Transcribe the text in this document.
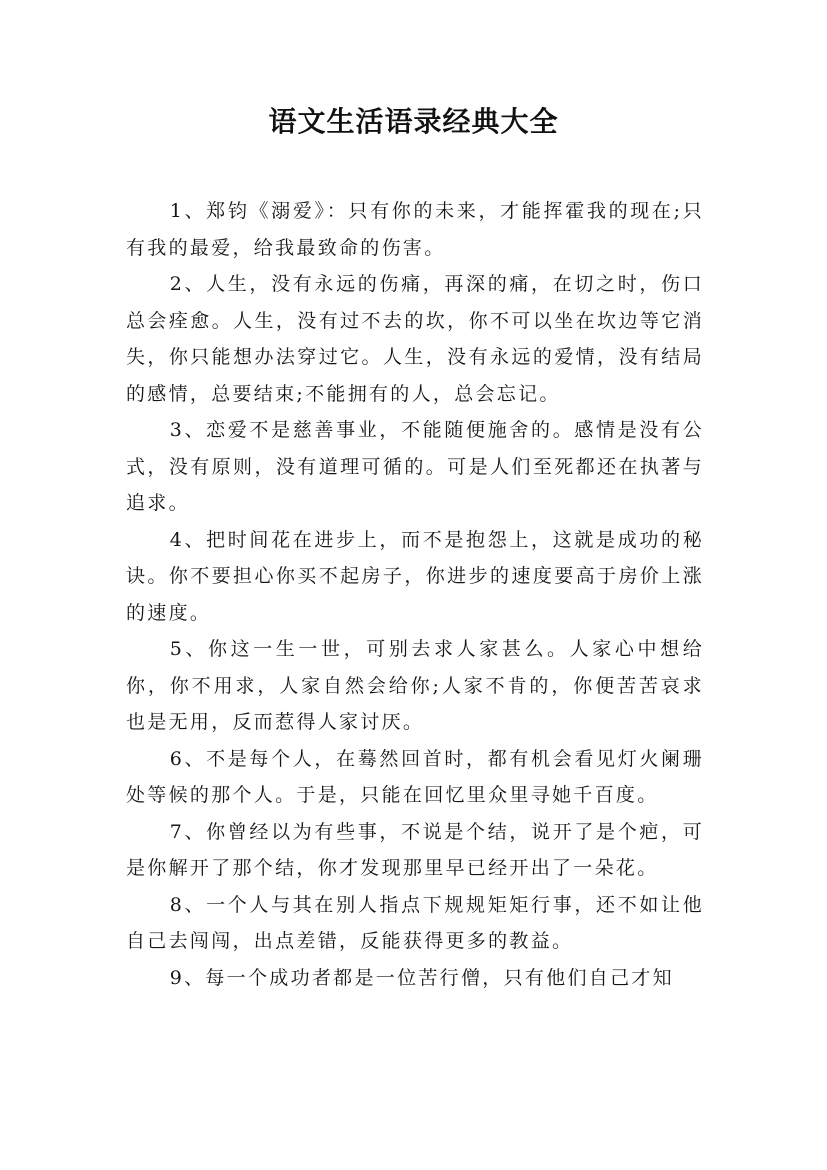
语文生活语录经典大全

1、郑钧《溺爱》：只有你的未来，才能挥霍我的现在;只有我的最爱，给我最致命的伤害。

2、人生，没有永远的伤痛，再深的痛，在切之时，伤口总会痊愈。人生，没有过不去的坎，你不可以坐在坎边等它消失，你只能想办法穿过它。人生，没有永远的爱情，没有结局的感情，总要结束;不能拥有的人，总会忘记。

3、恋爱不是慈善事业，不能随便施舍的。感情是没有公式，没有原则，没有道理可循的。可是人们至死都还在执著与追求。

4、把时间花在进步上，而不是抱怨上，这就是成功的秘诀。你不要担心你买不起房子，你进步的速度要高于房价上涨的速度。

5、你这一生一世，可别去求人家甚么。人家心中想给你，你不用求，人家自然会给你;人家不肯的，你便苦苦哀求也是无用，反而惹得人家讨厌。

6、不是每个人，在蓦然回首时，都有机会看见灯火阑珊处等候的那个人。于是，只能在回忆里众里寻她千百度。

7、你曾经以为有些事，不说是个结，说开了是个疤，可是你解开了那个结，你才发现那里早已经开出了一朵花。

8、一个人与其在别人指点下规规矩矩行事，还不如让他自己去闯闯，出点差错，反能获得更多的教益。

9、每一个成功者都是一位苦行僧，只有他们自己才知
